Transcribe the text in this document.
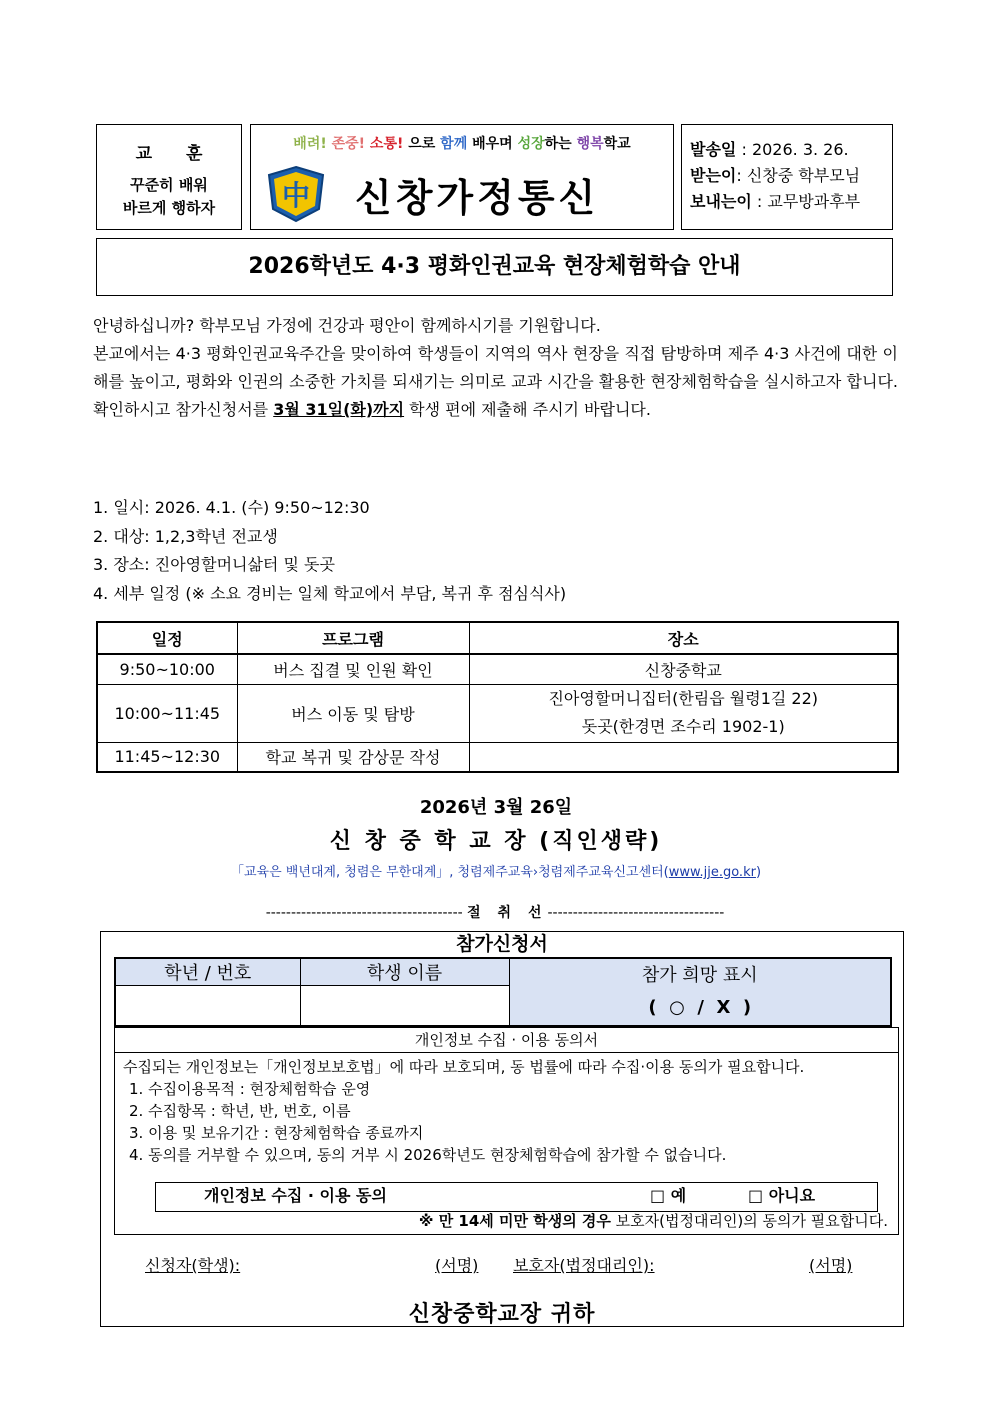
교 훈
꾸준히 배워
바르게 행하자
배려! 존중! 소통! 으로 함께 배우며 성장하는 행복학교
中 신창가정통신
발송일 : 2026. 3. 26.
받는이: 신창중 학부모님
보내는이 : 교무방과후부
2026학년도 4·3 평화인권교육 현장체험학습 안내

안녕하십니까? 학부모님 가정에 건강과 평안이 함께하시기를 기원합니다.

본교에서는 4·3 평화인권교육주간을 맞이하여 학생들이 지역의 역사 현장을 직접 탐방하며 제주 4·3 사건에 대한 이해를 높이고, 평화와 인권의 소중한 가치를 되새기는 의미로 교과 시간을 활용한 현장체험학습을 실시하고자 합니다. 확인하시고 참가신청서를 3월 31일(화)까지 학생 편에 제출해 주시기 바랍니다.

1. 일시: 2026. 4.1. (수) 9:50~12:30
2. 대상: 1,2,3학년 전교생
3. 장소: 진아영할머니삶터 및 돗곳
4. 세부 일정 (※ 소요 경비는 일체 학교에서 부담, 복귀 후 점심식사)
일정	프로그램	장소
9:50~10:00	버스 집결 및 인원 확인	신창중학교
10:00~11:45	버스 이동 및 탐방	진아영할머니집터(한림읍 월령1길 22)
돗곳(한경면 조수리 1902-1)

11:45~12:30	학교 복귀 및 감상문 작성	
2026년 3월 26일
신 창 중 학 교 장 (직인생략)
「교육은 백년대계, 청렴은 무한대계」, 청렴제주교육›청렴제주교육신고센터(www.jje.go.kr)
--------------------------------------- 절 취 선-----------------------------------
참가신청서
학년 / 번호	학생 이름	참가 희망 표시
(  ○  /  X  )

개인정보 수집 · 이용 동의서
수집되는 개인정보는「개인정보보호법」에 따라 보호되며, 동 법률에 따라 수집·이용 동의가 필요합니다.
1. 수집이용목적 : 현장체험학습 운영
2. 수집항목 : 학년, 반, 번호, 이름
3. 이용 및 보유기간 : 현장체험학습 종료까지
4. 동의를 거부할 수 있으며, 동의 거부 시 2026학년도 현장체험학습에 참가할 수 없습니다.
개인정보 수집 · 이용 동의	□ 예	□ 아니요
※ 만 14세 미만 학생의 경우 보호자(법정대리인)의 동의가 필요합니다.
신청자(학생):	(서명) 보호자(법정대리인):	(서명)
신창중학교장 귀하
